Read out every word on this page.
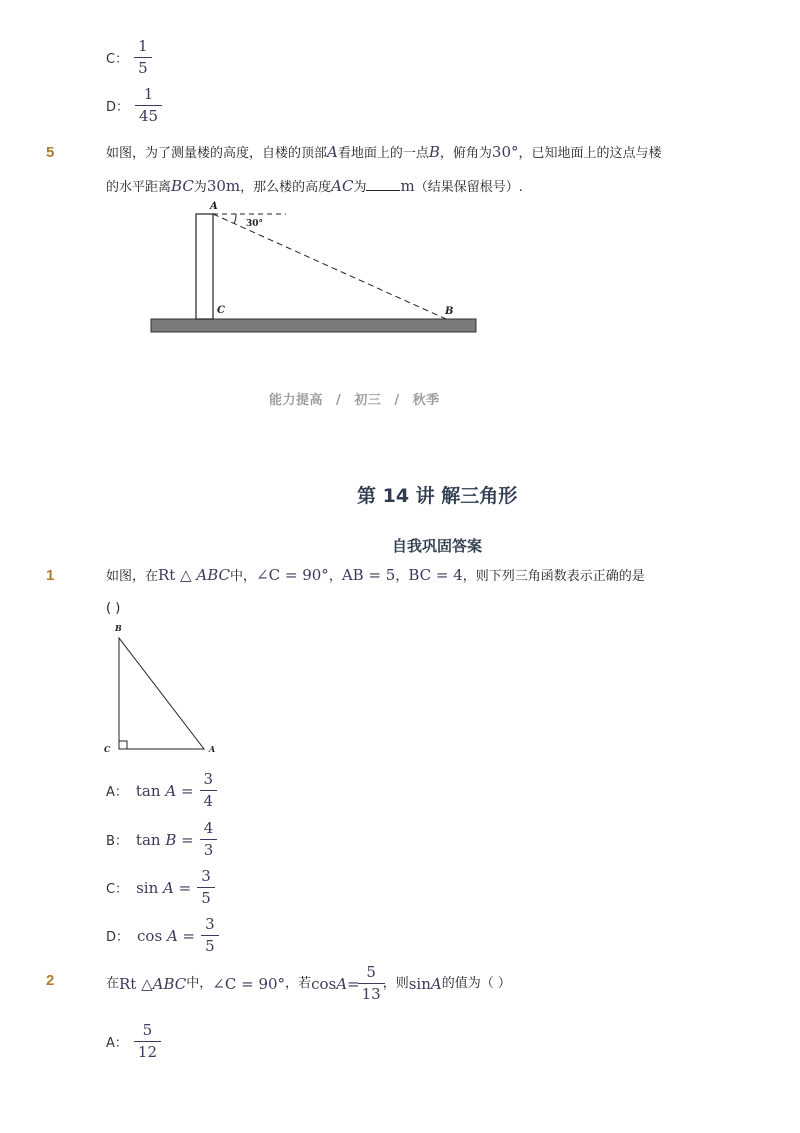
C： $\frac{1}{5}$
D： $\frac{1}{45}$
5	如图，为了测量楼的高度，自楼的顶部A看地面上的一点B，俯角为30°，已知地面上的这点与楼
的水平距离BC为30m，那么楼的高度AC为 m（结果保留根号）.
A
30°
C	B
能力提高 / 初三 / 秋季
第 14 讲 解三角形
自我巩固答案
1	如图，在Rt △ ABC中，∠C = 90°，AB = 5，BC = 4，则下列三角函数表示正确的是
( )
B
C	A
A： $\tan A = \frac{3}{4}$
B： $\tan B = \frac{4}{3}$
C： $\sin A = \frac{3}{5}$
D： $\cos A = \frac{3}{5}$
2	在 Rt △ ABC 中， ∠C = 90° ，若 $\cos A = \frac{5}{13}$ ，则 sin A 的值为（ ）
A： $\frac{5}{12}$
